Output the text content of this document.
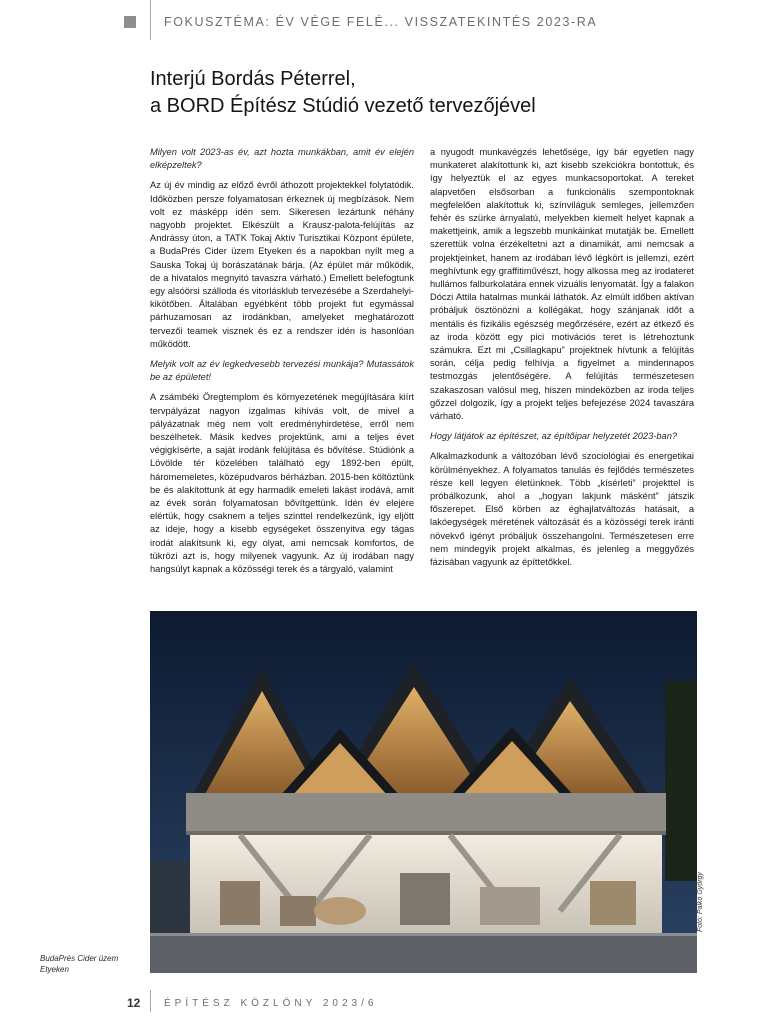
FOKUSZTÉMA: ÉV VÉGE FELÉ... VISSZATEKINTÉS 2023-RA
Interjú Bordás Péterrel,
a BORD Építész Stúdió vezető tervezőjével

Milyen volt 2023-as év, azt hozta munkákban, amit év elején elképzeltek?

Az új év mindig az előző évről áthozott projektekkel folytatódik. Időközben persze folyamatosan érkeznek új megbízások. Nem volt ez másképp idén sem. Sikeresen lezártunk néhány nagyobb projektet. Elkészült a Krausz-palota-felújítás az Andrássy úton, a TATK Tokaj Aktív Turisztikai Központ épülete, a BudaPrés Cider üzem Etyeken és a napokban nyílt meg a Sauska Tokaj új borászatának bárja. (Az épület már működik, de a hivatalos megnyitó tavaszra várható.) Emellett belefogtunk egy alsóörsi szálloda és vitorlásklub tervezésébe a Szerdahelyi-kikötőben. Általában egyébként több projekt fut egymással párhuzamosan az irodánkban, amelyeket meghatározott tervezői teamek visznek és ez a rendszer idén is hasonlóan működött.

Melyik volt az év legkedvesebb tervezési munkája? Mutassátok be az épületet!

A zsámbéki Öregtemplom és környezetének megújítására kiírt tervpályázat nagyon izgalmas kihívás volt, de mivel a pályázatnak még nem volt eredményhirdetése, erről nem beszélhetek. Másik kedves projektünk, ami a teljes évet végigkísérte, a saját irodánk felújítása és bővítése. Stúdiónk a Lövölde tér közelében található egy 1892-ben épült, háromemeletes, középudvaros bérházban. 2015-ben költöztünk be és alakítottunk át egy harmadik emeleti lakást irodává, amit az évek során folyamatosan bővítgettünk. Idén év elejére elértük, hogy csaknem a teljes szinttel rendelkezünk, így eljött az ideje, hogy a kisebb egységeket összenyitva egy tágas irodát alakítsunk ki, egy olyat, ami nemcsak komfortos, de tükrözi azt is, hogy milyenek vagyunk. Az új irodában nagy hangsúlyt kapnak a közösségi terek és a tárgyaló, valamint

a nyugodt munkavégzés lehetősége, így bár egyetlen nagy munkateret alakítottunk ki, azt kisebb szekciókra bontottuk, és így helyeztük el az egyes munkacsoportokat. A tereket alapvetően elsősorban a funkcionális szempontoknak megfelelően alakítottuk ki, színviláguk semleges, jellemzően fehér és szürke árnyalatú, melyekben kiemelt helyet kapnak a makettjeink, amik a legszebb munkáinkat mutatják be. Emellett szerettük volna érzékeltetni azt a dinamikát, ami nemcsak a projektjeinket, hanem az irodában lévő légkört is jellemzi, ezért meghívtunk egy graffitiművészt, hogy alkossa meg az irodateret hullámos falburkolatára ennek vizuális lenyomatát. Így a falakon Dóczi Attila hatalmas munkái láthatók. Az elmúlt időben aktívan próbáljuk ösztönözni a kollégákat, hogy szánjanak időt a mentális és fizikális egészség megőrzésére, ezért az étkező és az iroda között egy pici motivációs teret is létrehoztunk számukra. Ezt mi „Csillagkapu” projektnek hívtunk a felújítás során, célja pedig felhívja a figyelmet a mindennapos testmozgás jelentőségére. A felújítás természetesen szakaszosan valósul meg, hiszen mindeközben az iroda teljes gőzzel dolgozik, így a projekt teljes befejezése 2024 tavaszára várható.

Hogy látjátok az építészet, az építőipar helyzetét 2023-ban?

Alkalmazkodunk a változóban lévő szociológiai és energetikai körülményekhez. A folyamatos tanulás és fejlődés természetes része kell legyen életünknek. Több „kísérleti” projekttel is próbálkozunk, ahol a „hogyan lakjunk másként” játszik főszerepet. Első körben az éghajlatváltozás hatásait, a lakóegységek méretének változását és a közösségi terek iránti növekvő igényt próbáljuk összehangolni. Természetesen erre nem mindegyik projekt alkalmas, és jelenleg a meggyőzés fázisában vagyunk az építtetőkkel.

BudaPrés Cider üzem Etyeken
Fotó: Palkó György
12 ÉPÍTÉSZ KÖZLÖNY 2023/6
